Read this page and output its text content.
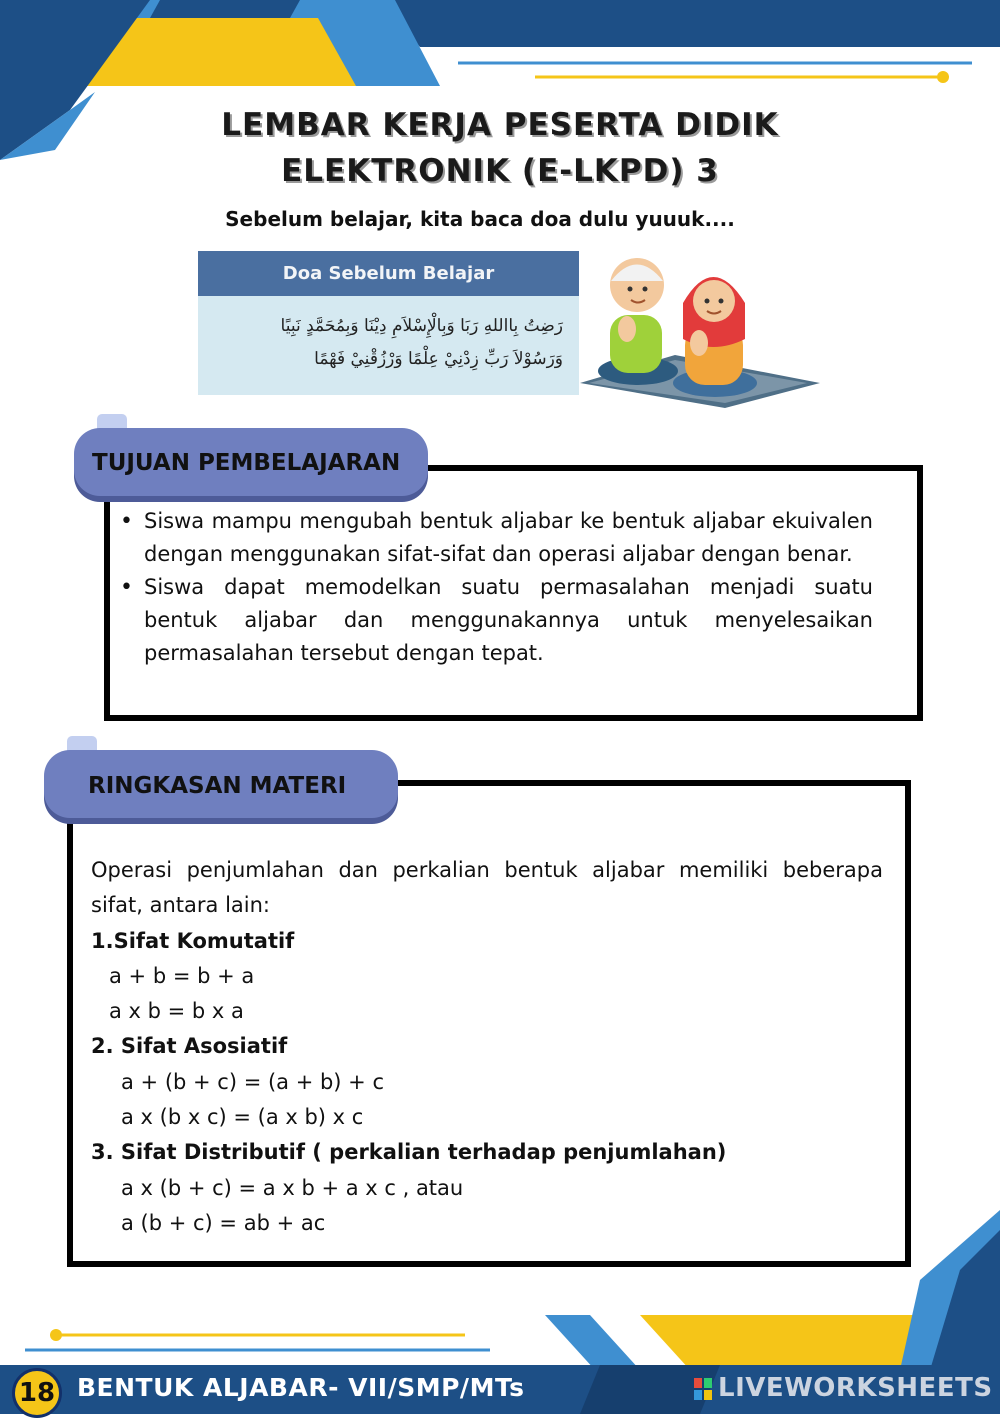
LEMBAR KERJA PESERTA DIDIK
ELEKTRONIK (E-LKPD) 3
Sebelum belajar, kita baca doa dulu yuuuk....
Doa Sebelum Belajar
رَضِتُ بِااللهِ رَبَا وَبِالْإِسْلاَمِ دِيْنَا وَبِمُحَمَّدٍ نَبِيًا
وَرَسُوْلاَ رَبِّ زِدْنِيْ عِلْمًا وَرْزُقْنِيْ فَهْمًا
TUJUAN PEMBELAJARAN
• Siswa mampu mengubah bentuk aljabar ke bentuk aljabar ekuivalen dengan menggunakan sifat-sifat dan operasi aljabar dengan benar.
• Siswa dapat memodelkan suatu permasalahan menjadi suatu bentuk aljabar dan menggunakannya untuk menyelesaikan permasalahan tersebut dengan tepat.
RINGKASAN MATERI
Operasi penjumlahan dan perkalian bentuk aljabar memiliki beberapa sifat, antara lain:
1.Sifat Komutatif
a + b = b + a
a x b = b x a
2. Sifat Asosiatif
a + (b + c) = (a + b) + c
a x (b x c) = (a x b) x c
3. Sifat Distributif ( perkalian terhadap penjumlahan)
a x (b + c) = a x b + a x c , atau
a (b + c) = ab + ac
18 BENTUK ALJABAR- VII/SMP/MTs	LIVEWORKSHEETS
